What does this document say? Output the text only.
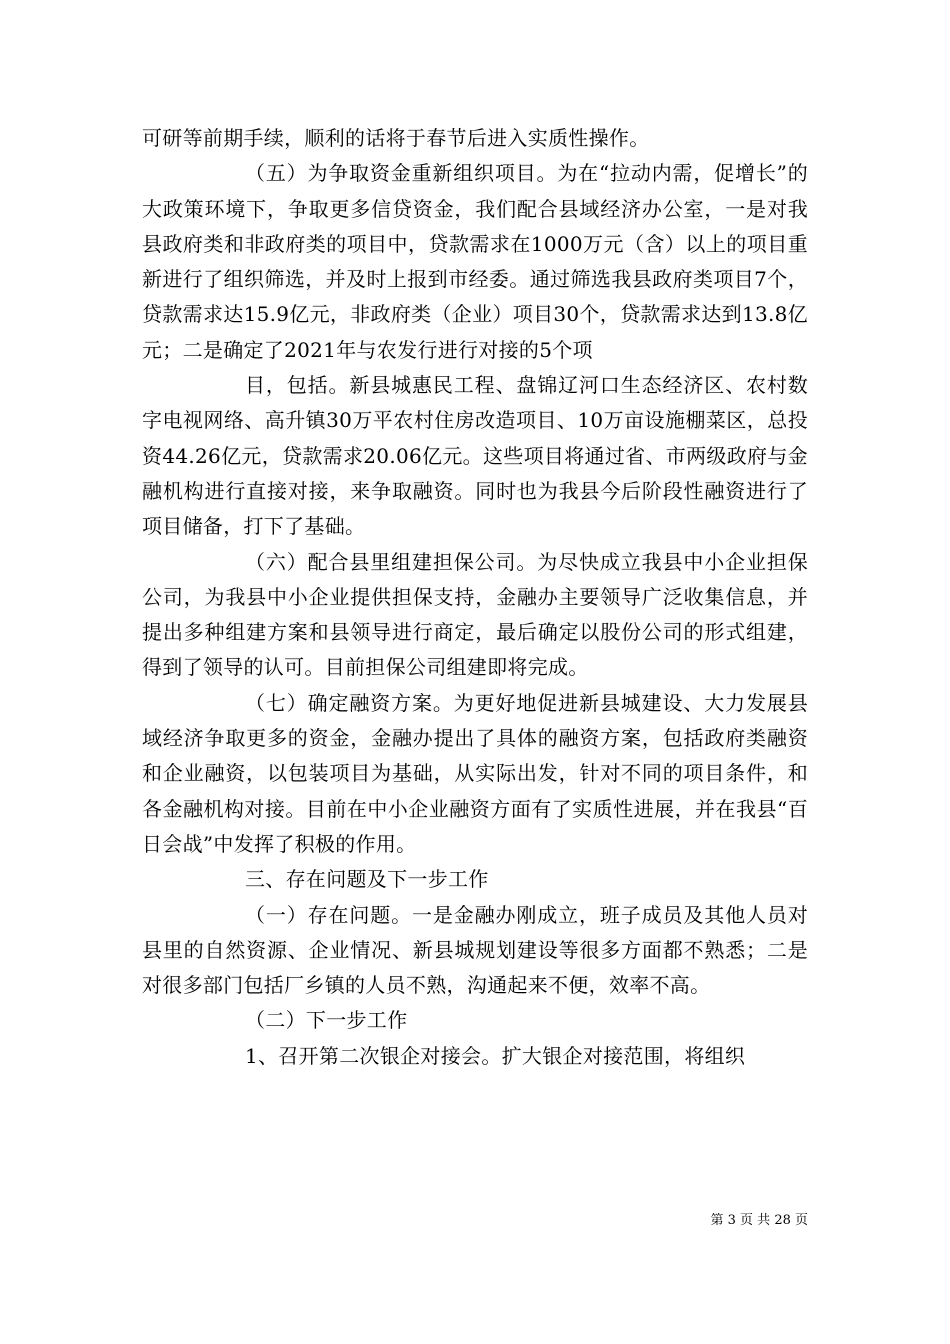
可研等前期手续，顺利的话将于春节后进入实质性操作。

（五）为争取资金重新组织项目。为在“拉动内需，促增长”的大政策环境下，争取更多信贷资金，我们配合县域经济办公室，一是对我县政府类和非政府类的项目中，贷款需求在1000万元（含）以上的项目重新进行了组织筛选，并及时上报到市经委。通过筛选我县政府类项目7个，贷款需求达15.9亿元，非政府类（企业）项目30个，贷款需求达到13.8亿元；二是确定了2021年与农发行进行对接的5个项

目，包括。新县城惠民工程、盘锦辽河口生态经济区、农村数字电视网络、高升镇30万平农村住房改造项目、10万亩设施棚菜区，总投资44.26亿元，贷款需求20.06亿元。这些项目将通过省、市两级政府与金融机构进行直接对接，来争取融资。同时也为我县今后阶段性融资进行了项目储备，打下了基础。

（六）配合县里组建担保公司。为尽快成立我县中小企业担保公司，为我县中小企业提供担保支持，金融办主要领导广泛收集信息，并提出多种组建方案和县领导进行商定，最后确定以股份公司的形式组建，得到了领导的认可。目前担保公司组建即将完成。

（七）确定融资方案。为更好地促进新县城建设、大力发展县域经济争取更多的资金，金融办提出了具体的融资方案，包括政府类融资和企业融资，以包装项目为基础，从实际出发，针对不同的项目条件，和各金融机构对接。目前在中小企业融资方面有了实质性进展，并在我县“百日会战”中发挥了积极的作用。

三、存在问题及下一步工作

（一）存在问题。一是金融办刚成立，班子成员及其他人员对县里的自然资源、企业情况、新县城规划建设等很多方面都不熟悉；二是对很多部门包括厂乡镇的人员不熟，沟通起来不便，效率不高。

（二）下一步工作

1、召开第二次银企对接会。扩大银企对接范围，将组织

第 3 页 共 28 页
